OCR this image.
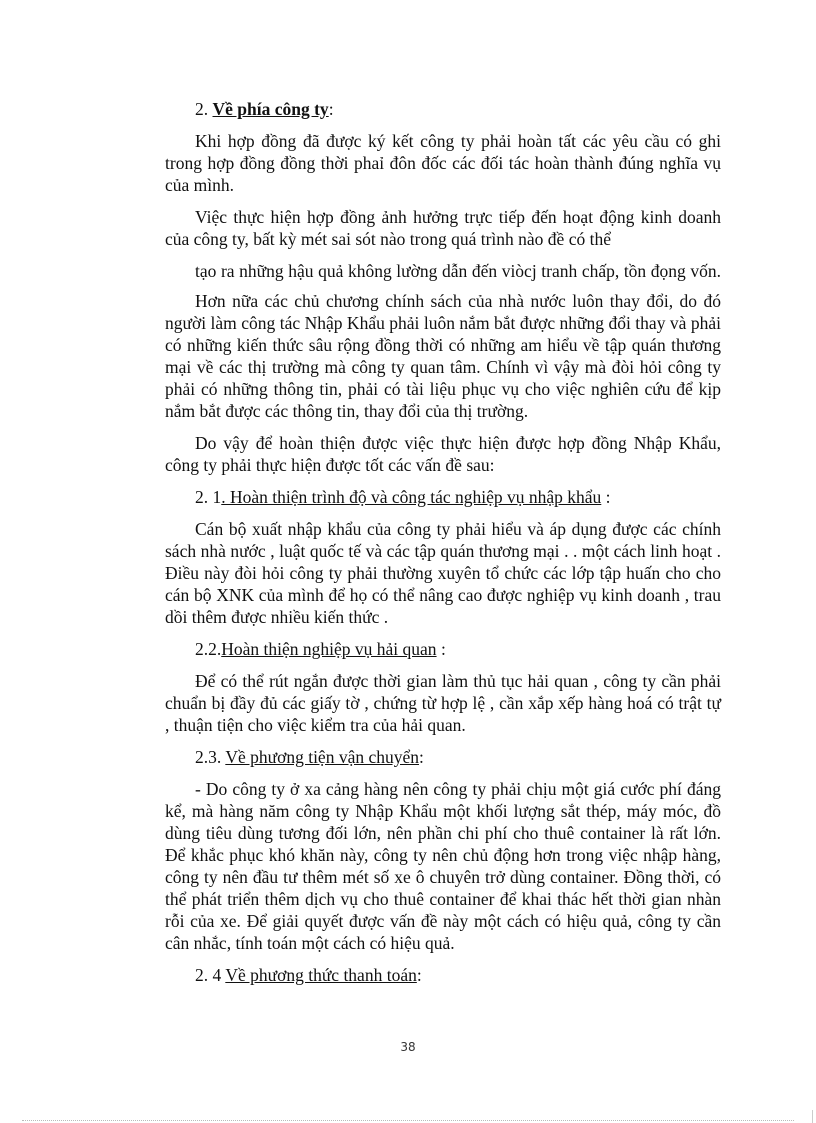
2. Về phía công ty:

Khi hợp đồng đã được ký kết công ty phải hoàn tất các yêu cầu có ghi trong hợp đồng đồng thời phaỉ đôn đốc các đối tác hoàn thành đúng nghĩa vụ của mình.

Việc thực hiện hợp đồng ảnh hưởng trực tiếp đến hoạt động kinh doanh của công ty, bất kỳ mét sai sót nào trong quá trình nào đề có thể

tạo ra những hậu quả không lường dẫn đến viòcj tranh chấp, tồn đọng vốn.

Hơn nữa các chủ chương chính sách của nhà nước luôn thay đổi, do đó người làm công tác Nhập Khẩu phải luôn nắm bắt được những đổi thay và phải có những kiến thức sâu rộng đồng thời có những am hiểu về tập quán thương mại về các thị trường mà công ty quan tâm. Chính vì vậy mà đòi hỏi công ty phải có những thông tin, phải có tài liệu phục vụ cho việc nghiên cứu để kịp nắm bắt được các thông tin, thay đổi của thị trường.

Do vậy để hoàn thiện được việc thực hiện được hợp đồng Nhập Khẩu, công ty phải thực hiện được tốt các vấn đề sau:

2. 1. Hoàn thiện trình độ và công tác nghiệp vụ nhập khẩu :

Cán bộ xuất nhập khẩu của công ty phải hiểu và áp dụng được các chính sách nhà nước , luật quốc tế và các tập quán thương mại . . một cách linh hoạt . Điều này đòi hỏi công ty phải thường xuyên tổ chức các lớp tập huấn cho cho cán bộ XNK của mình để họ có thể nâng cao được nghiệp vụ kinh doanh , trau dồi thêm được nhiều kiến thức .

2.2.Hoàn thiện nghiệp vụ hải quan :

Để có thể rút ngắn được thời gian làm thủ tục hải quan , công ty cần phải chuẩn bị đầy đủ các giấy tờ , chứng từ hợp lệ , cần xắp xếp hàng hoá có trật tự , thuận tiện cho việc kiểm tra của hải quan.

2.3. Về phương tiện vận chuyển:

- Do công ty ở xa cảng hàng nên công ty phải chịu một giá cước phí đáng kể, mà hàng năm công ty Nhập Khẩu một khối lượng sắt thép, máy móc, đồ dùng tiêu dùng tương đối lớn, nên phần chi phí cho thuê container là rất lớn. Để khắc phục khó khăn này, công ty nên chủ động hơn trong việc nhập hàng, công ty nên đầu tư thêm mét số xe ô chuyên trở dùng container. Đồng thời, có thể phát triển thêm dịch vụ cho thuê container để khai thác hết thời gian nhàn rỗi của xe. Để giải quyết được vấn đề này một cách có hiệu quả, công ty cần cân nhắc, tính toán một cách có hiệu quả.

2. 4 Về phương thức thanh toán:

38
